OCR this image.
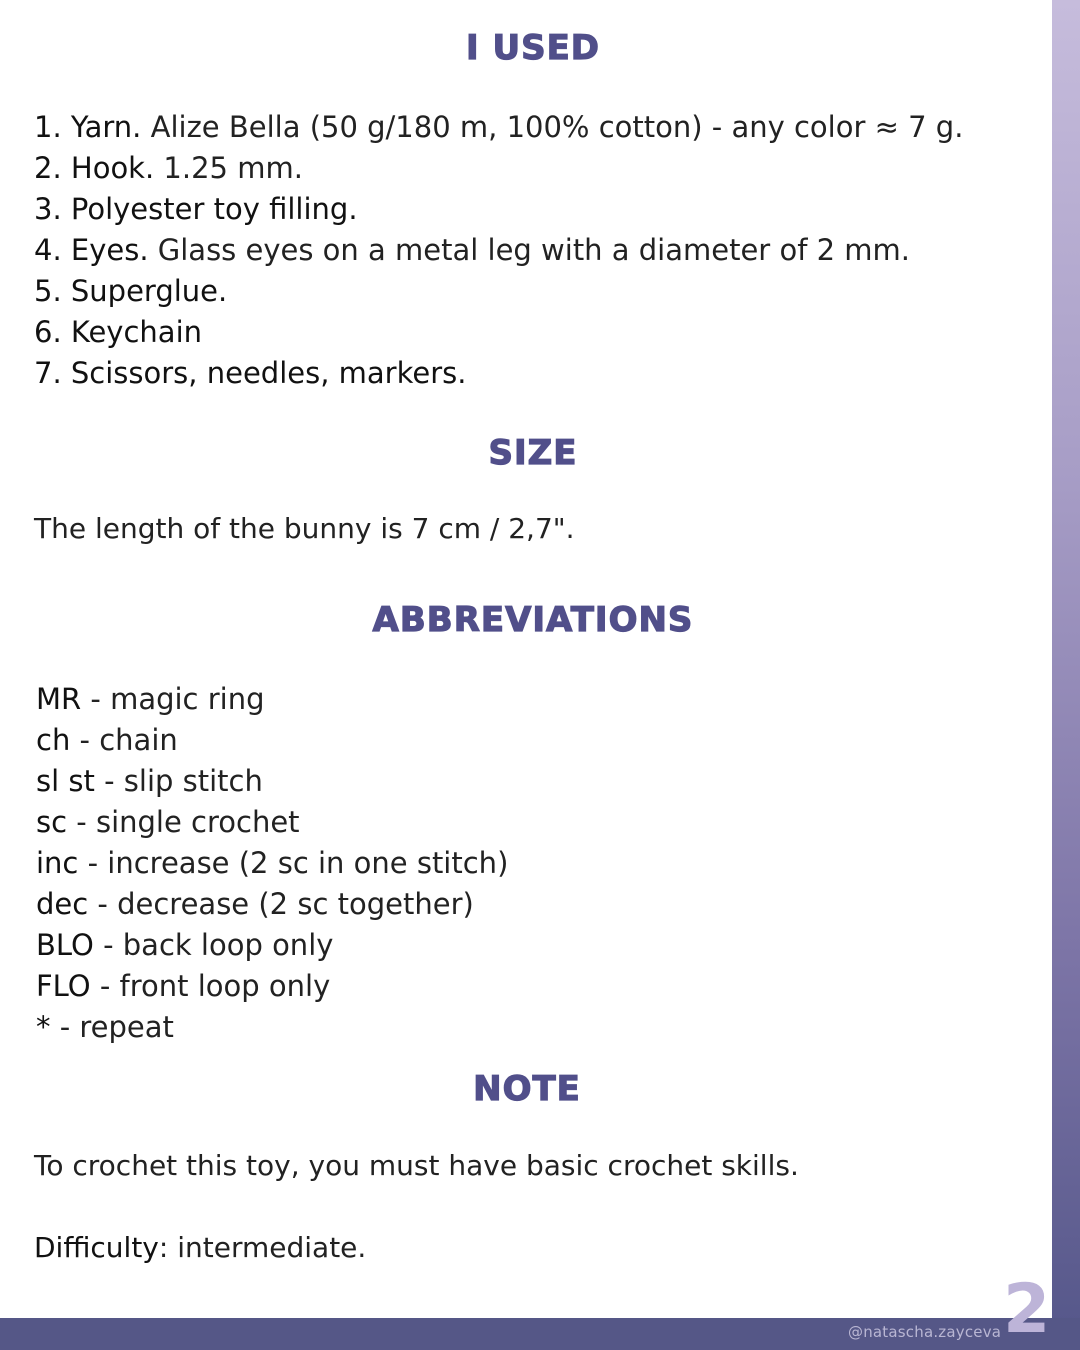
I USED
1. Yarn. Alize Bella (50 g/180 m, 100% cotton) - any color ≈ 7 g.
2. Hook. 1.25 mm.
3. Polyester toy filling.
4. Eyes. Glass eyes on a metal leg with a diameter of 2 mm.
5. Superglue.
6. Keychain
7. Scissors, needles, markers.
SIZE

The length of the bunny is 7 cm / 2,7".

ABBREVIATIONS
MR - magic ring
ch - chain
sl st - slip stitch
sc - single crochet
inc - increase (2 sc in one stitch)
dec - decrease (2 sc together)
BLO - back loop only
FLO - front loop only
* - repeat
NOTE

To crochet this toy, you must have basic crochet skills.

Difficulty: intermediate.

@natascha.zayceva 2
